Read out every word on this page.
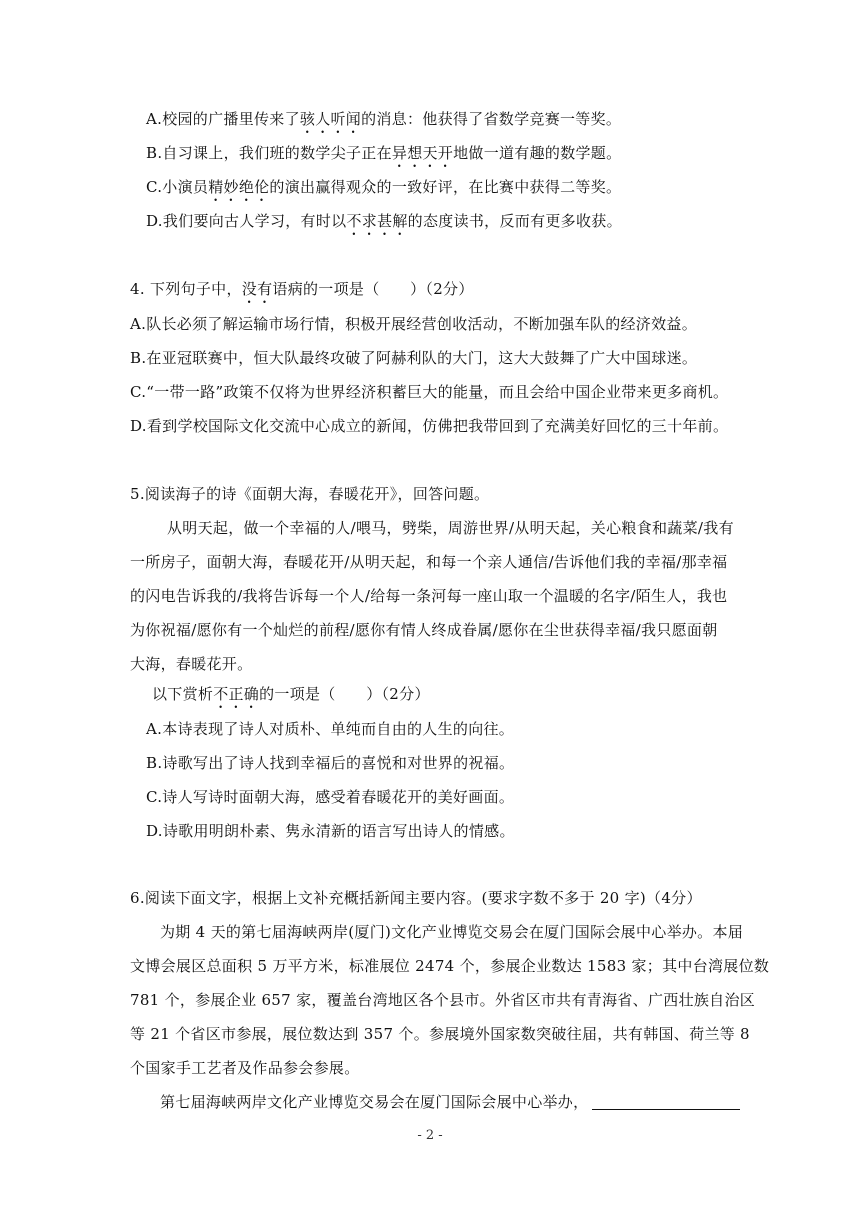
A.校园的广播里传来了骇人听闻的消息：他获得了省数学竞赛一等奖。
B.自习课上，我们班的数学尖子正在异想天开地做一道有趣的数学题。
C.小演员精妙绝伦的演出赢得观众的一致好评，在比赛中获得二等奖。
D.我们要向古人学习，有时以不求甚解的态度读书，反而有更多收获。
4. 下列句子中，没有语病的一项是（　　）（2分）
A.队长必须了解运输市场行情，积极开展经营创收活动，不断加强车队的经济效益。
B.在亚冠联赛中，恒大队最终攻破了阿赫利队的大门，这大大鼓舞了广大中国球迷。
C.“一带一路”政策不仅将为世界经济积蓄巨大的能量，而且会给中国企业带来更多商机。
D.看到学校国际文化交流中心成立的新闻，仿佛把我带回到了充满美好回忆的三十年前。
5.阅读海子的诗《面朝大海，春暖花开》，回答问题。
从明天起，做一个幸福的人/喂马，劈柴，周游世界/从明天起，关心粮食和蔬菜/我有
一所房子，面朝大海，春暖花开/从明天起，和每一个亲人通信/告诉他们我的幸福/那幸福
的闪电告诉我的/我将告诉每一个人/给每一条河每一座山取一个温暖的名字/陌生人，我也
为你祝福/愿你有一个灿烂的前程/愿你有情人终成眷属/愿你在尘世获得幸福/我只愿面朝
大海，春暖花开。
以下赏析不正确的一项是（　　）（2分）
A.本诗表现了诗人对质朴、单纯而自由的人生的向往。
B.诗歌写出了诗人找到幸福后的喜悦和对世界的祝福。
C.诗人写诗时面朝大海，感受着春暖花开的美好画面。
D.诗歌用明朗朴素、隽永清新的语言写出诗人的情感。
6.阅读下面文字，根据上文补充概括新闻主要内容。(要求字数不多于 20 字)（4分）
为期 4 天的第七届海峡两岸(厦门)文化产业博览交易会在厦门国际会展中心举办。本届
文博会展区总面积 5 万平方米，标准展位 2474 个，参展企业数达 1583 家；其中台湾展位数
781 个，参展企业 657 家，覆盖台湾地区各个县市。外省区市共有青海省、广西壮族自治区
等 21 个省区市参展，展位数达到 357 个。参展境外国家数突破往届，共有韩国、荷兰等 8
个国家手工艺者及作品参会参展。
第七届海峡两岸文化产业博览交易会在厦门国际会展中心举办，
- 2 -
